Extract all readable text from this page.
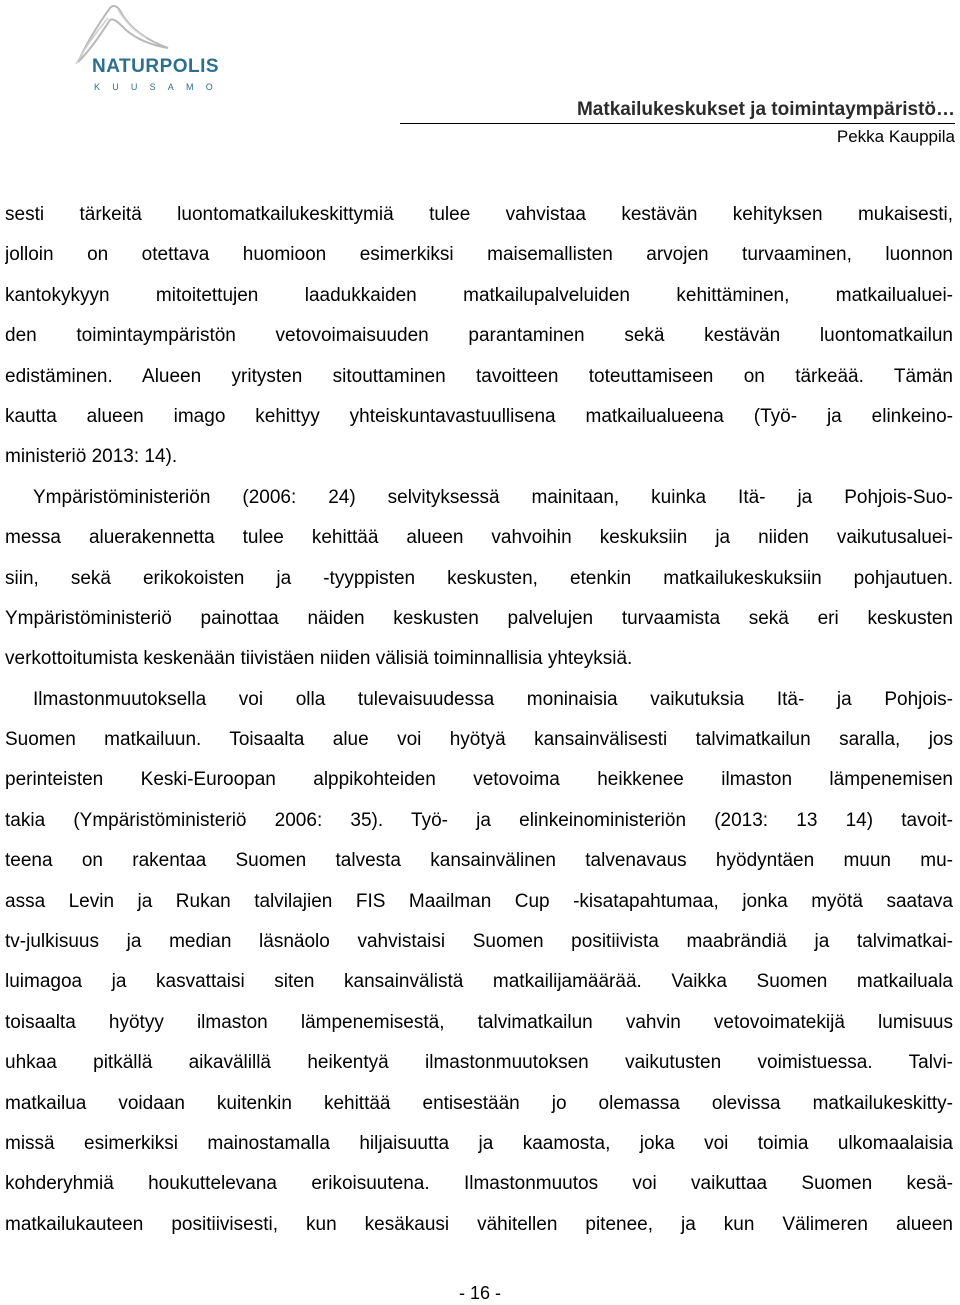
NATURPOLIS
KUUSAMO
Matkailukeskukset ja toimintaympäristö…
Pekka Kauppila
sesti tärkeitä luontomatkailukeskittymiä tulee vahvistaa kestävän kehityksen mukaisesti,
jolloin on otettava huomioon esimerkiksi maisemallisten arvojen turvaaminen, luonnon
kantokykyyn mitoitettujen laadukkaiden matkailupalveluiden kehittäminen, matkailualuei-
den toimintaympäristön vetovoimaisuuden parantaminen sekä kestävän luontomatkailun
edistäminen. Alueen yritysten sitouttaminen tavoitteen toteuttamiseen on tärkeää. Tämän
kautta alueen imago kehittyy yhteiskuntavastuullisena matkailualueena (Työ- ja elinkeino-
ministeriö 2013: 14).
Ympäristöministeriön (2006: 24) selvityksessä mainitaan, kuinka Itä- ja Pohjois-Suo-
messa aluerakennetta tulee kehittää alueen vahvoihin keskuksiin ja niiden vaikutusaluei-
siin, sekä erikokoisten ja -tyyppisten keskusten, etenkin matkailukeskuksiin pohjautuen.
Ympäristöministeriö painottaa näiden keskusten palvelujen turvaamista sekä eri keskusten
verkottoitumista keskenään tiivistäen niiden välisiä toiminnallisia yhteyksiä.
Ilmastonmuutoksella voi olla tulevaisuudessa moninaisia vaikutuksia Itä- ja Pohjois-
Suomen matkailuun. Toisaalta alue voi hyötyä kansainvälisesti talvimatkailun saralla, jos
perinteisten Keski-Euroopan alppikohteiden vetovoima heikkenee ilmaston lämpenemisen
takia (Ympäristöministeriö 2006: 35). Työ- ja elinkeinoministeriön (2013: 13 14) tavoit-
teena on rakentaa Suomen talvesta kansainvälinen talvenavaus hyödyntäen muun mu-
assa Levin ja Rukan talvilajien FIS Maailman Cup -kisatapahtumaa, jonka myötä saatava
tv-julkisuus ja median läsnäolo vahvistaisi Suomen positiivista maabrändiä ja talvimatkai-
luimagoa ja kasvattaisi siten kansainvälistä matkailijamäärää. Vaikka Suomen matkailuala
toisaalta hyötyy ilmaston lämpenemisestä, talvimatkailun vahvin vetovoimatekijä lumisuus
uhkaa pitkällä aikavälillä heikentyä ilmastonmuutoksen vaikutusten voimistuessa. Talvi-
matkailua voidaan kuitenkin kehittää entisestään jo olemassa olevissa matkailukeskitty-
missä esimerkiksi mainostamalla hiljaisuutta ja kaamosta, joka voi toimia ulkomaalaisia
kohderyhmiä houkuttelevana erikoisuutena. Ilmastonmuutos voi vaikuttaa Suomen kesä-
matkailukauteen positiivisesti, kun kesäkausi vähitellen pitenee, ja kun Välimeren alueen
- 16 -
